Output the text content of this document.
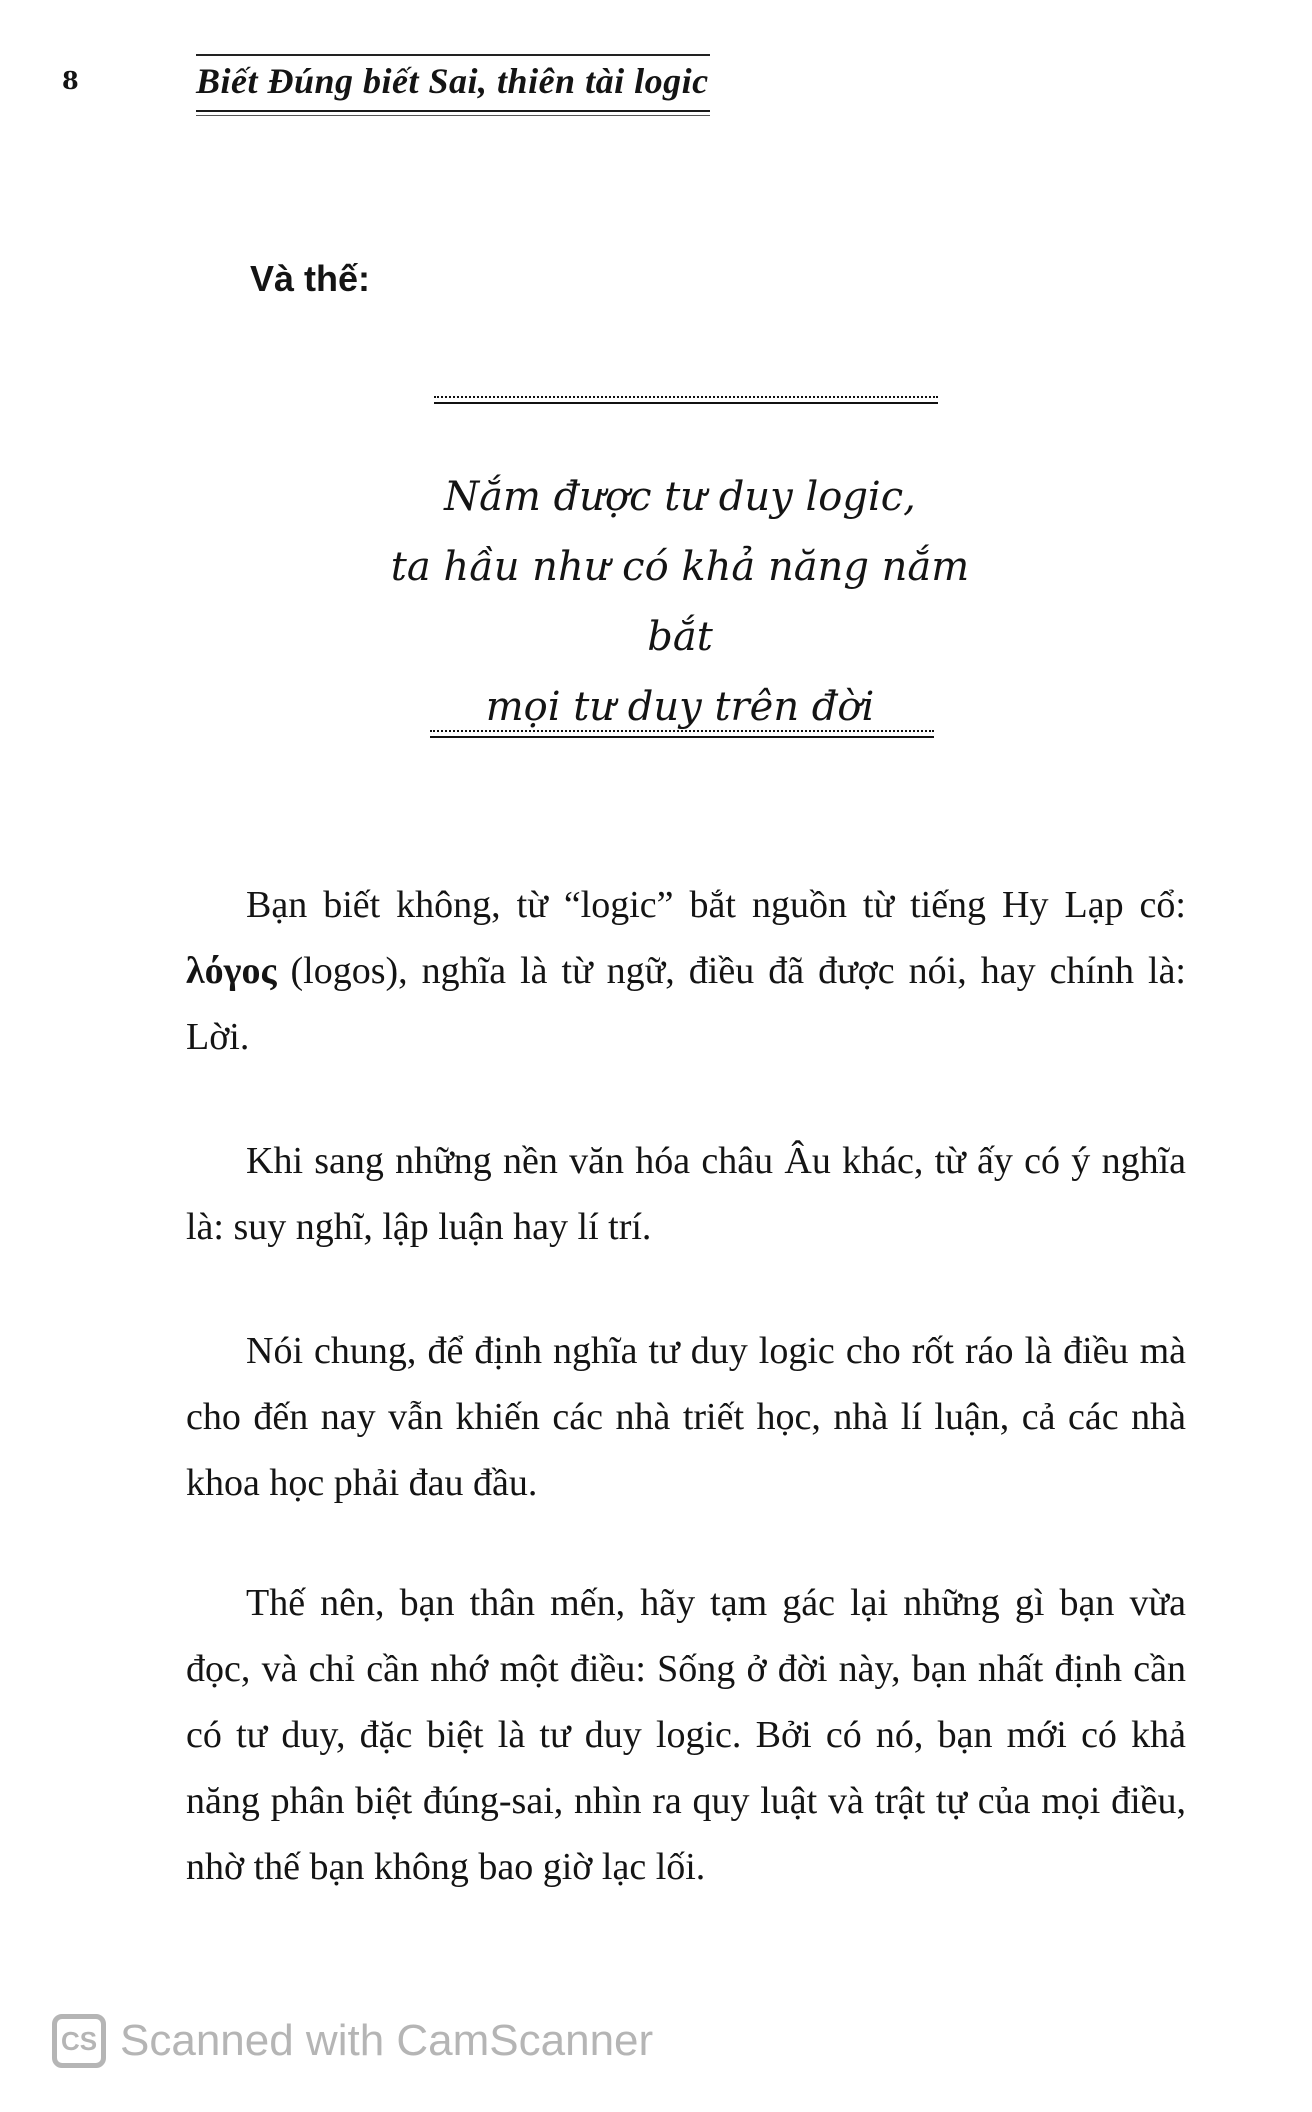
8	Biết Đúng biết Sai, thiên tài logic
Và thế:
Nắm được tư duy logic,
ta hầu như có khả năng nắm bắt
mọi tư duy trên đời

Bạn biết không, từ “logic” bắt nguồn từ tiếng Hy Lạp cổ: λόγος (logos), nghĩa là từ ngữ, điều đã được nói, hay chính là: Lời.

Khi sang những nền văn hóa châu Âu khác, từ ấy có ý nghĩa là: suy nghĩ, lập luận hay lí trí.

Nói chung, để định nghĩa tư duy logic cho rốt ráo là điều mà cho đến nay vẫn khiến các nhà triết học, nhà lí luận, cả các nhà khoa học phải đau đầu.

Thế nên, bạn thân mến, hãy tạm gác lại những gì bạn vừa đọc, và chỉ cần nhớ một điều: Sống ở đời này, bạn nhất định cần có tư duy, đặc biệt là tư duy logic. Bởi có nó, bạn mới có khả năng phân biệt đúng-sai, nhìn ra quy luật và trật tự của mọi điều, nhờ thế bạn không bao giờ lạc lối.

CS Scanned with CamScanner
